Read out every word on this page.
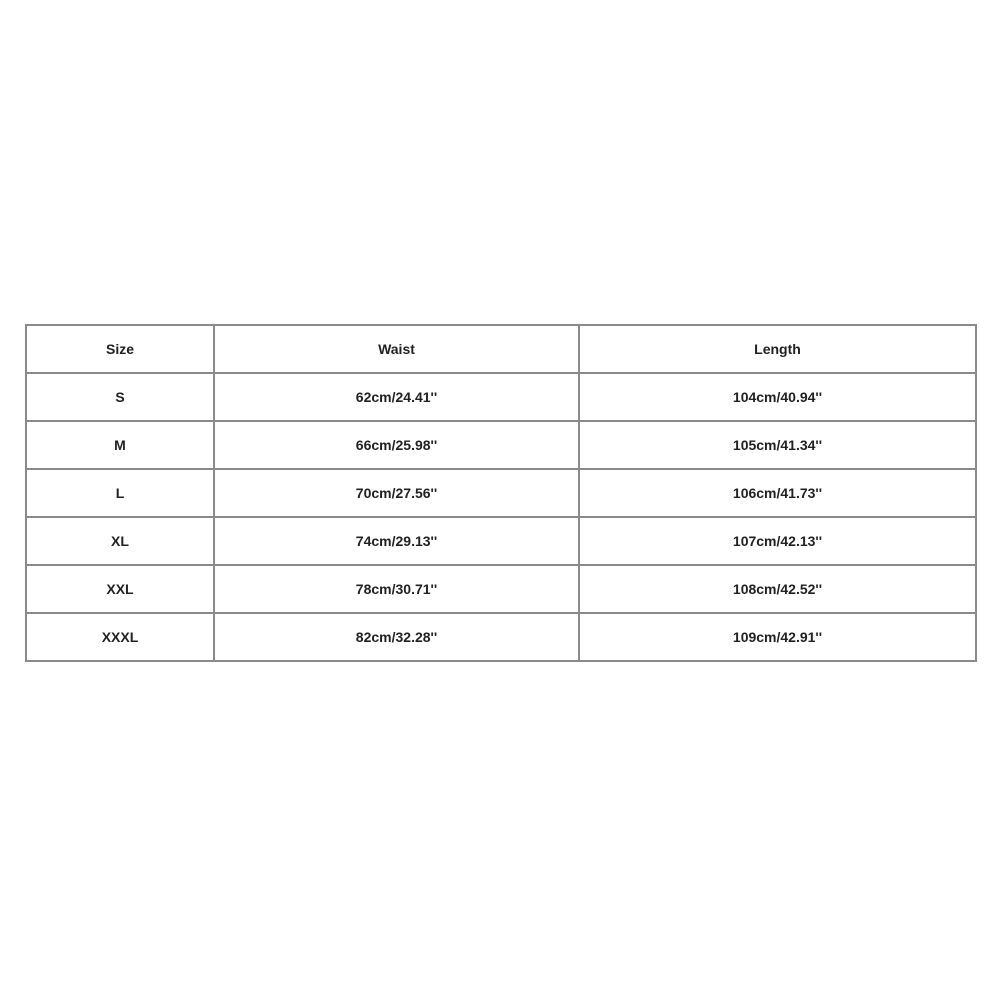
Size	Waist	Length
S	62cm/24.41''	104cm/40.94''
M	66cm/25.98''	105cm/41.34''
L	70cm/27.56''	106cm/41.73''
XL	74cm/29.13''	107cm/42.13''
XXL	78cm/30.71''	108cm/42.52''
XXXL	82cm/32.28''	109cm/42.91''
